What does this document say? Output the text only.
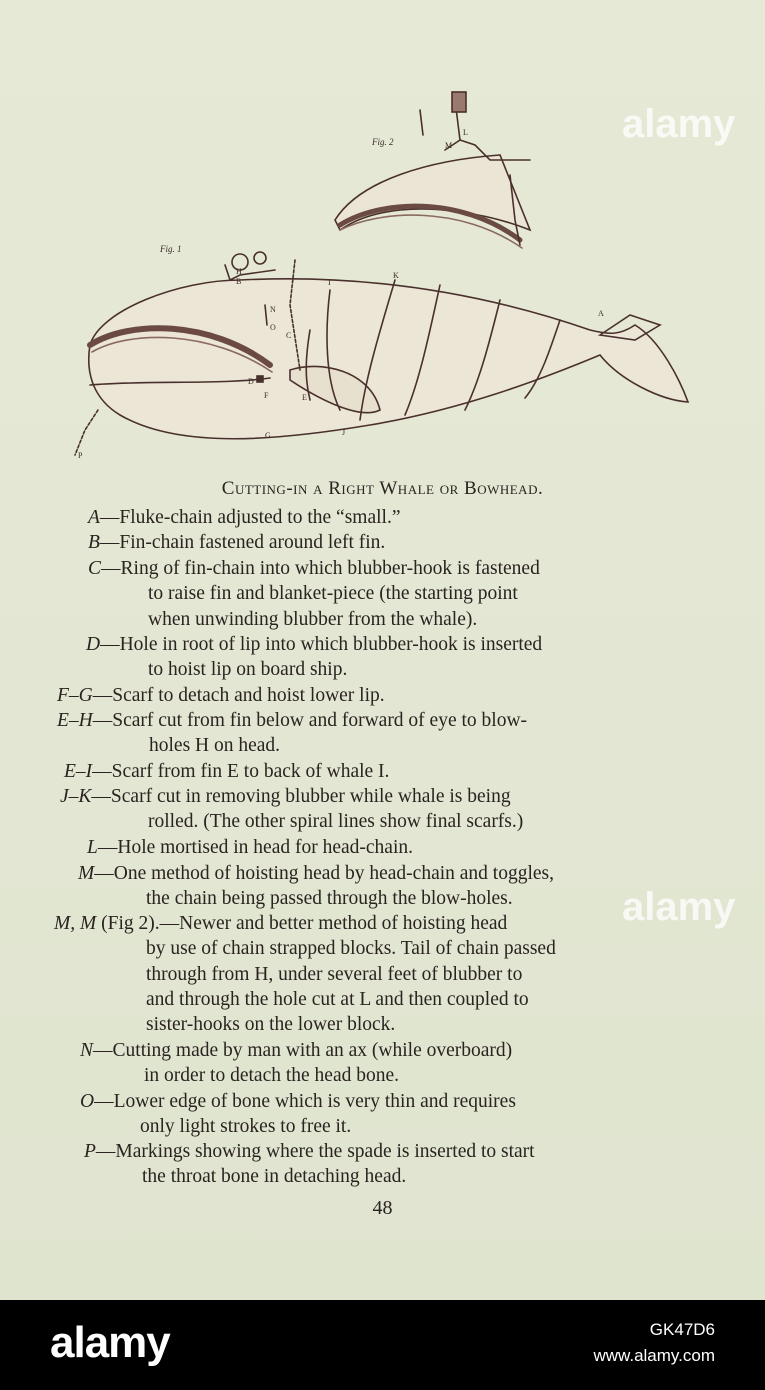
Fig. 1
Fig. 2
A
B
C
D
E
F
G
H
I
J
K
L
M
N
O
P
Cutting-in a Right Whale or Bowhead.
A—Fluke-chain adjusted to the “small.”
B—Fin-chain fastened around left fin.
C—Ring of fin-chain into which blubber-hook is fastened
to raise fin and blanket-piece (the starting point
when unwinding blubber from the whale).
D—Hole in root of lip into which blubber-hook is inserted
to hoist lip on board ship.
F–G—Scarf to detach and hoist lower lip.
E–H—Scarf cut from fin below and forward of eye to blow-
holes H on head.
E–I—Scarf from fin E to back of whale I.
J–K—Scarf cut in removing blubber while whale is being
rolled. (The other spiral lines show final scarfs.)
L—Hole mortised in head for head-chain.
M—One method of hoisting head by head-chain and toggles,
the chain being passed through the blow-holes.
M, M (Fig 2).—Newer and better method of hoisting head
by use of chain strapped blocks. Tail of chain passed
through from H, under several feet of blubber to
and through the hole cut at L and then coupled to
sister-hooks on the lower block.
N—Cutting made by man with an ax (while overboard)
in order to detach the head bone.
O—Lower edge of bone which is very thin and requires
only light strokes to free it.
P—Markings showing where the spade is inserted to start
the throat bone in detaching head.
48
alamy
alamy
alamy	GK47D6
www.alamy.com
